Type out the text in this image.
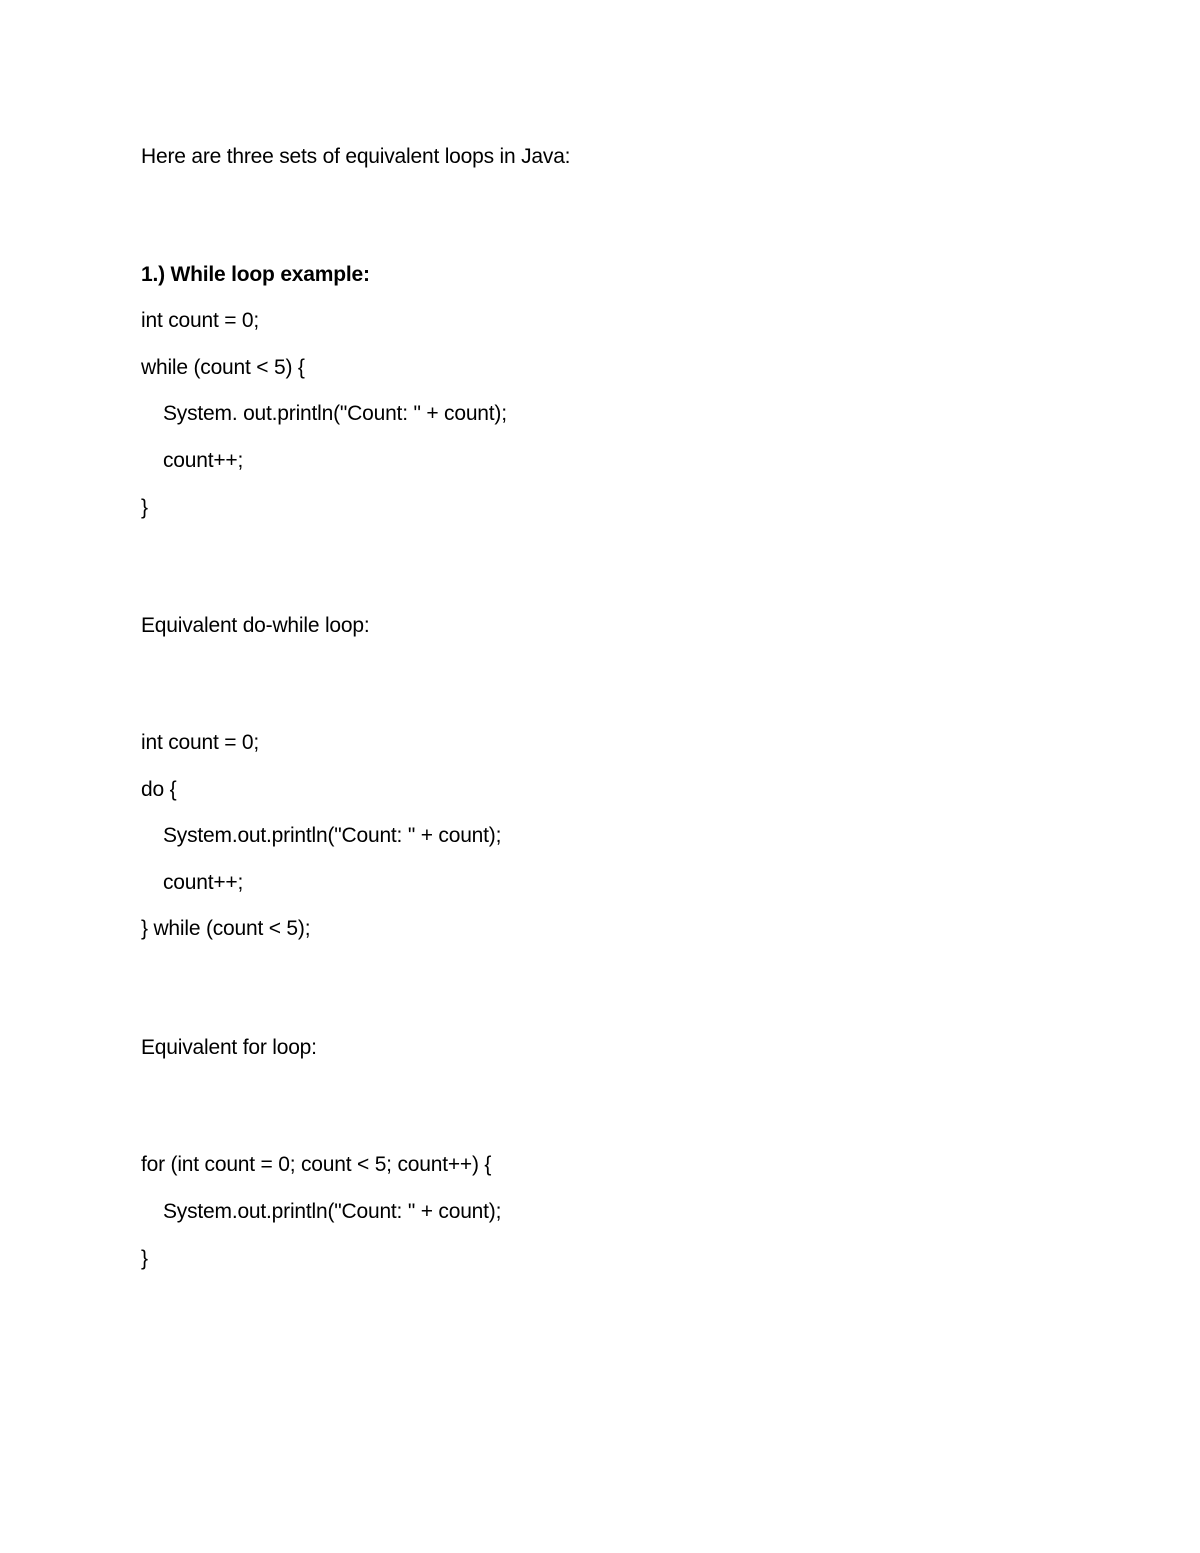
Here are three sets of equivalent loops in Java:
1.) While loop example:
int count = 0;
while (count < 5) {
System. out.println("Count: " + count);
count++;
}
Equivalent do-while loop:
int count = 0;
do {
System.out.println("Count: " + count);
count++;
} while (count < 5);
Equivalent for loop:
for (int count = 0; count < 5; count++) {
System.out.println("Count: " + count);
}
